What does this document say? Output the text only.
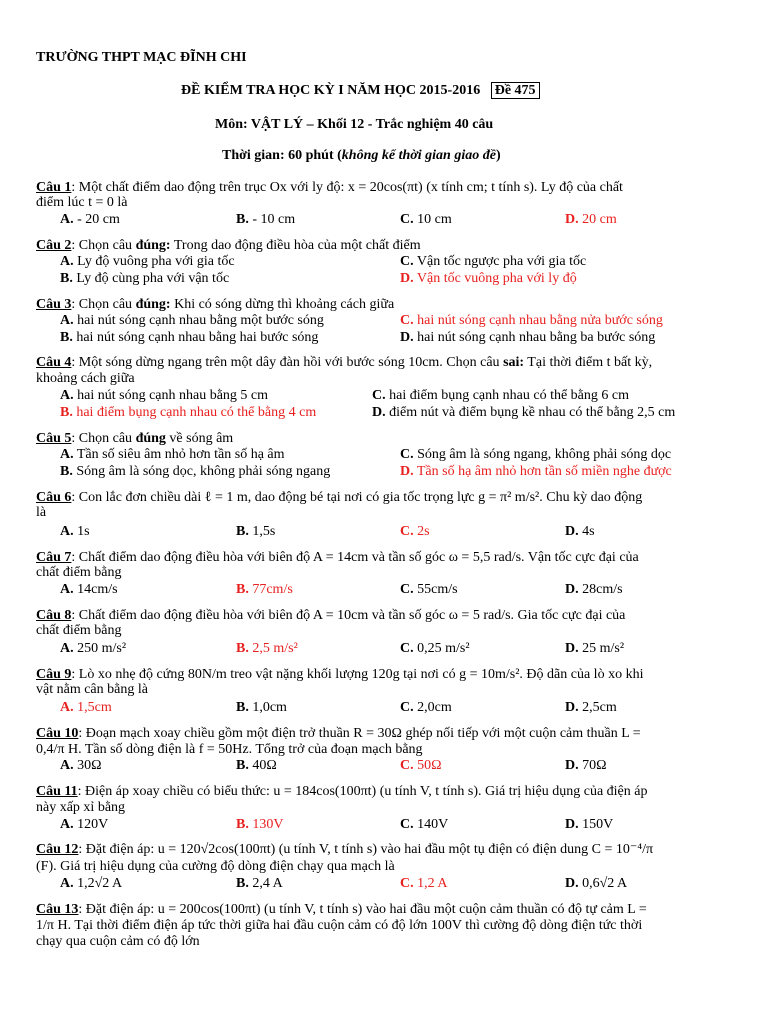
TRƯỜNG THPT MẠC ĐĨNH CHI
ĐỀ KIỂM TRA HỌC KỲ I NĂM HỌC 2015-2016 Đề 475
Môn: VẬT LÝ – Khối 12 - Trắc nghiệm 40 câu
Thời gian: 60 phút (không kể thời gian giao đề)
Câu 1: Một chất điểm dao động trên trục Ox với ly độ: x = 20cos(πt) (x tính cm; t tính s). Ly độ của chất
điểm lúc t = 0 là
A. - 20 cm	B. - 10 cm	C. 10 cm	D. 20 cm
Câu 2: Chọn câu đúng: Trong dao động điều hòa của một chất điểm
A. Ly độ vuông pha với gia tốc	C. Vận tốc ngược pha với gia tốc
B. Ly độ cùng pha với vận tốc	D. Vận tốc vuông pha với ly độ
Câu 3: Chọn câu đúng: Khi có sóng dừng thì khoảng cách giữa
A. hai nút sóng cạnh nhau bằng một bước sóng	C. hai nút sóng cạnh nhau bằng nửa bước sóng
B. hai nút sóng cạnh nhau bằng hai bước sóng	D. hai nút sóng cạnh nhau bằng ba bước sóng
Câu 4: Một sóng dừng ngang trên một dây đàn hồi với bước sóng 10cm. Chọn câu sai: Tại thời điểm t bất kỳ,
khoảng cách giữa
A. hai nút sóng cạnh nhau bằng 5 cm	C. hai điểm bụng cạnh nhau có thể bằng 6 cm
B. hai điểm bụng cạnh nhau có thể bằng 4 cm	D. điểm nút và điểm bụng kề nhau có thể bằng 2,5 cm
Câu 5: Chọn câu đúng về sóng âm
A. Tần số siêu âm nhỏ hơn tần số hạ âm	C. Sóng âm là sóng ngang, không phải sóng dọc
B. Sóng âm là sóng dọc, không phải sóng ngang	D. Tần số hạ âm nhỏ hơn tần số miền nghe được
Câu 6: Con lắc đơn chiều dài ℓ = 1 m, dao động bé tại nơi có gia tốc trọng lực g = π² m/s². Chu kỳ dao động
là
A. 1s	B. 1,5s	C. 2s	D. 4s
Câu 7: Chất điểm dao động điều hòa với biên độ A = 14cm và tần số góc ω = 5,5 rad/s. Vận tốc cực đại của
chất điểm bằng
A. 14cm/s	B. 77cm/s	C. 55cm/s	D. 28cm/s
Câu 8: Chất điểm dao động điều hòa với biên độ A = 10cm và tần số góc ω = 5 rad/s. Gia tốc cực đại của
chất điểm bằng
A. 250 m/s²	B. 2,5 m/s²	C. 0,25 m/s²	D. 25 m/s²
Câu 9: Lò xo nhẹ độ cứng 80N/m treo vật nặng khối lượng 120g tại nơi có g = 10m/s². Độ dãn của lò xo khi
vật nằm cân bằng là
A. 1,5cm	B. 1,0cm	C. 2,0cm	D. 2,5cm
Câu 10: Đoạn mạch xoay chiều gồm một điện trở thuần R = 30Ω ghép nối tiếp với một cuộn cảm thuần L =
0,4/π H. Tần số dòng điện là f = 50Hz. Tổng trở của đoạn mạch bằng
A. 30Ω	B. 40Ω	C. 50Ω	D. 70Ω
Câu 11: Điện áp xoay chiều có biểu thức: u = 184cos(100πt) (u tính V, t tính s). Giá trị hiệu dụng của điện áp
này xấp xỉ bằng
A. 120V	B. 130V	C. 140V	D. 150V
Câu 12: Đặt điện áp: u = 120√2cos(100πt) (u tính V, t tính s) vào hai đầu một tụ điện có điện dung C = 10⁻⁴/π
(F). Giá trị hiệu dụng của cường độ dòng điện chạy qua mạch là
A. 1,2√2 A	B. 2,4 A	C. 1,2 A	D. 0,6√2 A
Câu 13: Đặt điện áp: u = 200cos(100πt) (u tính V, t tính s) vào hai đầu một cuộn cảm thuần có độ tự cảm L =
1/π H. Tại thời điểm điện áp tức thời giữa hai đầu cuộn cảm có độ lớn 100V thì cường độ dòng điện tức thời
chạy qua cuộn cảm có độ lớn
